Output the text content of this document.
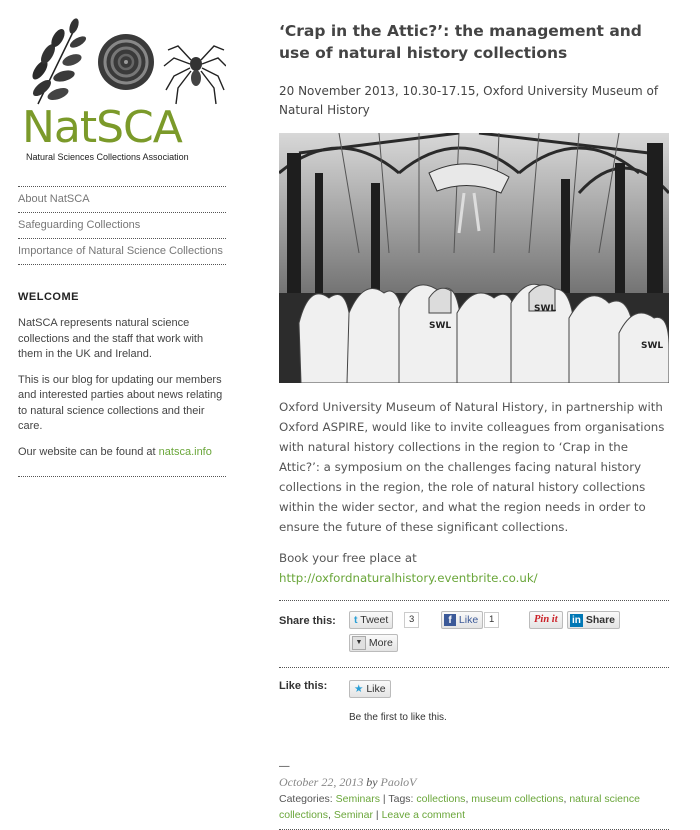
NatSCA
Natural Sciences Collections Association
About NatSCA
Safeguarding Collections
Importance of Natural Science Collections
WELCOME

NatSCA represents natural science collections and the staff that work with them in the UK and Ireland.

This is our blog for updating our members and interested parties about news relating to natural science collections and their care.

Our website can be found at natsca.info

‘Crap in the Attic?’: the management and use of natural history collections
20 November 2013, 10.30-17.15, Oxford University Museum of Natural History
SWL
SWL
SWL

Oxford University Museum of Natural History, in partnership with Oxford ASPIRE, would like to invite colleagues from organisations with natural history collections in the region to ‘Crap in the Attic?’: a symposium on the challenges facing natural history collections in the region, the role of natural history collections within the wider sector, and what the region needs in order to ensure the future of these significant collections.

Book your free place at http://oxfordnaturalhistory.eventbrite.co.uk/

Share this:	t Tweet	3	f Like	1	Pin it	in Share
▼ More
Like this:	★ Like
Be the first to like this.
—
October 22, 2013 by PaoloV
Categories: Seminars | Tags: collections, museum collections, natural science collections, Seminar | Leave a comment
